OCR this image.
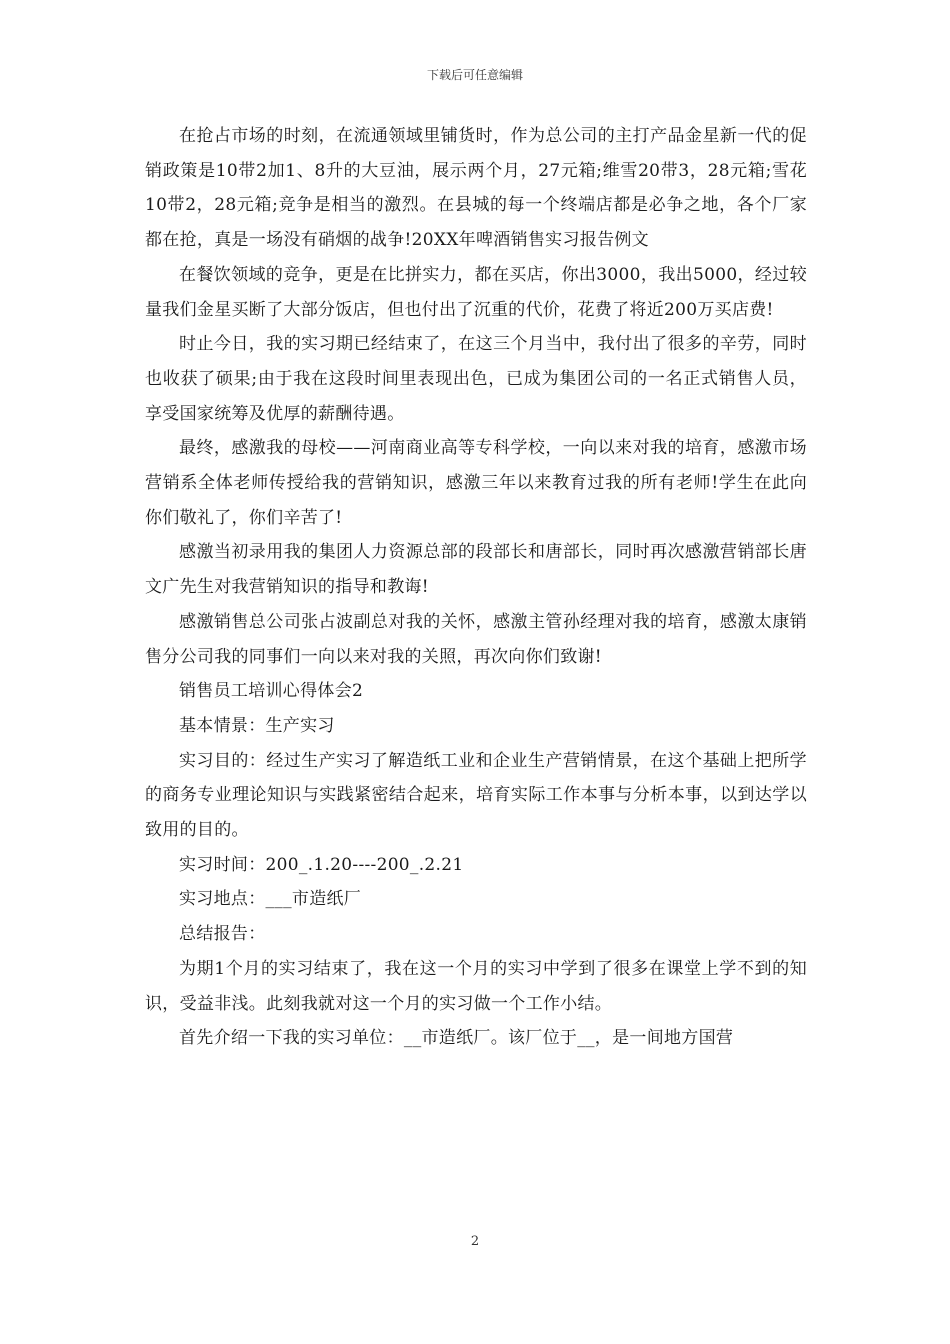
下载后可任意编辑

在抢占市场的时刻，在流通领域里铺货时，作为总公司的主打产品金星新一代的促销政策是10带2加1、8升的大豆油，展示两个月，27元箱;维雪20带3，28元箱;雪花10带2，28元箱;竞争是相当的激烈。在县城的每一个终端店都是必争之地，各个厂家都在抢，真是一场没有硝烟的战争!20XX年啤酒销售实习报告例文

在餐饮领域的竞争，更是在比拼实力，都在买店，你出3000，我出5000，经过较量我们金星买断了大部分饭店，但也付出了沉重的代价，花费了将近200万买店费!

时止今日，我的实习期已经结束了，在这三个月当中，我付出了很多的辛劳，同时也收获了硕果;由于我在这段时间里表现出色，已成为集团公司的一名正式销售人员，享受国家统筹及优厚的薪酬待遇。

最终，感激我的母校——河南商业高等专科学校，一向以来对我的培育，感激市场营销系全体老师传授给我的营销知识，感激三年以来教育过我的所有老师!学生在此向你们敬礼了，你们辛苦了!

感激当初录用我的集团人力资源总部的段部长和唐部长，同时再次感激营销部长唐文广先生对我营销知识的指导和教诲!

感激销售总公司张占波副总对我的关怀，感激主管孙经理对我的培育，感激太康销售分公司我的同事们一向以来对我的关照，再次向你们致谢!

销售员工培训心得体会2

基本情景：生产实习

实习目的：经过生产实习了解造纸工业和企业生产营销情景，在这个基础上把所学的商务专业理论知识与实践紧密结合起来，培育实际工作本事与分析本事，以到达学以致用的目的。

实习时间：200_.1.20----200_.2.21

实习地点：___市造纸厂

总结报告：

为期1个月的实习结束了，我在这一个月的实习中学到了很多在课堂上学不到的知识，受益非浅。此刻我就对这一个月的实习做一个工作小结。

首先介绍一下我的实习单位：__市造纸厂。该厂位于__，是一间地方国营

2
